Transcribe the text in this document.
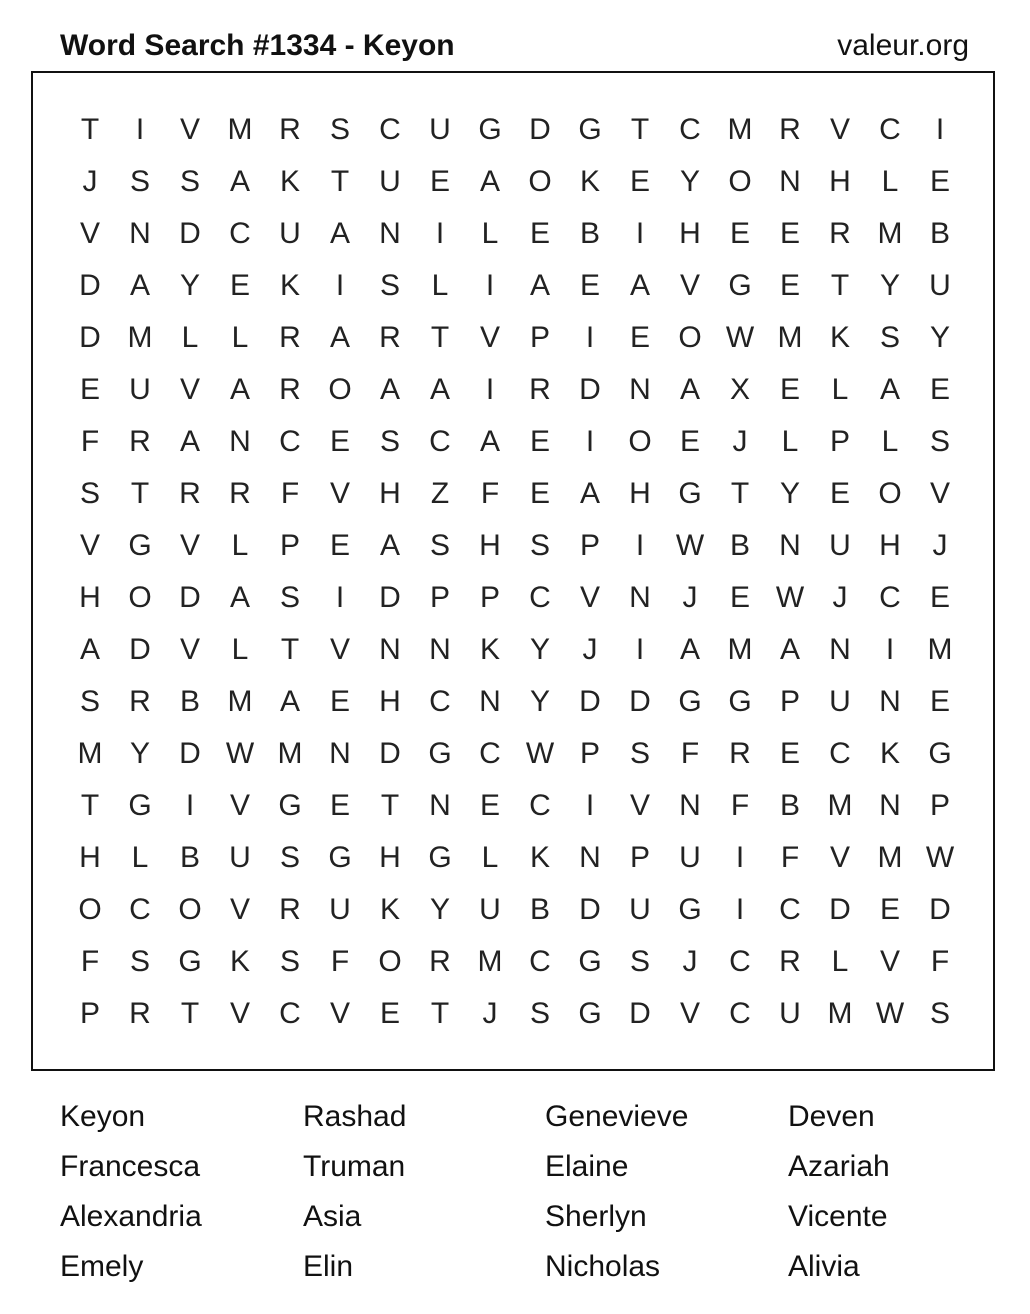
Word Search #1334 - Keyon	valeur.org
T	I	V M R S C U G D G T	C M R V C	I
J	S S A K	T	U E A O K E Y O N H	L	E
V N D C U A N	I	L	E B	I	H E E R M B
D A Y E K	I	S	L	I	A E A V G E	T	Y U
D M L	L	R A R	T	V P	I	E O W M K S Y
E U V A R O A A	I	R D N A X E	L	A E
F	R A N C E S C A E	I	O E	J	L	P	L	S
S	T	R R	F	V H	Z	F	E A H G T	Y E O V
V G V	L	P E A S H S P	I	W B N U H	J
H O D A S	I	D P P C V N	J	E W J	C E
A D V	L	T	V N N K Y	J	I	A M A N	I	M
S R B M A E H C N Y D D G G P U N E
M Y D W M N D G C W P S	F	R E C K G
T G	I	V G E	T	N E C	I	V N	F	B M N P
H	L	B U S G H G L	K N P U	I	F	V M W
O C O V R U K Y U B D U G	I	C D E D
F	S G K S	F O R M C G S	J	C R	L	V	F
P R	T	V C V E	T	J	S G D V C U M W S
Keyon	Rashad	Genevieve	Deven
Francesca	Truman	Elaine	Azariah
Alexandria	Asia	Sherlyn	Vicente
Emely	Elin	Nicholas	Alivia
